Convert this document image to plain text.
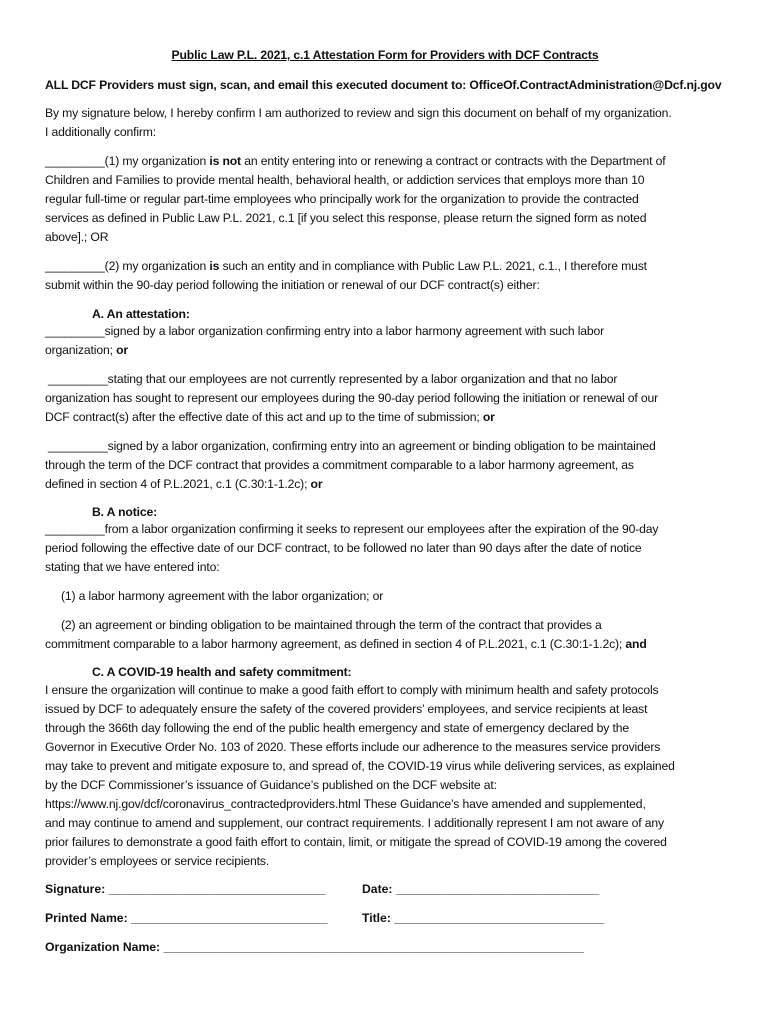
Public Law P.L. 2021, c.1 Attestation Form for Providers with DCF Contracts
ALL DCF Providers must sign, scan, and email this executed document to: OfficeOf.ContractAdministration@Dcf.nj.gov
By my signature below, I hereby confirm I am authorized to review and sign this document on behalf of my organization.
I additionally confirm:
_________(1) my organization is not an entity entering into or renewing a contract or contracts with the Department of
Children and Families to provide mental health, behavioral health, or addiction services that employs more than 10
regular full-time or regular part-time employees who principally work for the organization to provide the contracted
services as defined in Public Law P.L. 2021, c.1 [if you select this response, please return the signed form as noted
above].; OR
_________(2) my organization is such an entity and in compliance with Public Law P.L. 2021, c.1., I therefore must
submit within the 90-day period following the initiation or renewal of our DCF contract(s) either:
A. An attestation:
_________signed by a labor organization confirming entry into a labor harmony agreement with such labor
organization; or
_________stating that our employees are not currently represented by a labor organization and that no labor
organization has sought to represent our employees during the 90-day period following the initiation or renewal of our
DCF contract(s) after the effective date of this act and up to the time of submission; or
_________signed by a labor organization, confirming entry into an agreement or binding obligation to be maintained
through the term of the DCF contract that provides a commitment comparable to a labor harmony agreement, as
defined in section 4 of P.L.2021, c.1 (C.30:1-1.2c); or
B. A notice:
_________from a labor organization confirming it seeks to represent our employees after the expiration of the 90-day
period following the effective date of our DCF contract, to be followed no later than 90 days after the date of notice
stating that we have entered into:
(1) a labor harmony agreement with the labor organization; or
(2) an agreement or binding obligation to be maintained through the term of the contract that provides a
commitment comparable to a labor harmony agreement, as defined in section 4 of P.L.2021, c.1 (C.30:1-1.2c); and
C. A COVID-19 health and safety commitment:
I ensure the organization will continue to make a good faith effort to comply with minimum health and safety protocols
issued by DCF to adequately ensure the safety of the covered providers’ employees, and service recipients at least
through the 366th day following the end of the public health emergency and state of emergency declared by the
Governor in Executive Order No. 103 of 2020. These efforts include our adherence to the measures service providers
may take to prevent and mitigate exposure to, and spread of, the COVID-19 virus while delivering services, as explained
by the DCF Commissioner’s issuance of Guidance’s published on the DCF website at:
https://www.nj.gov/dcf/coronavirus_contractedproviders.html These Guidance’s have amended and supplemented,
and may continue to amend and supplement, our contract requirements. I additionally represent I am not aware of any
prior failures to demonstrate a good faith effort to contain, limit, or mitigate the spread of COVID-19 among the covered
provider’s employees or service recipients.
Signature: ________________________________	Date: ______________________________
Printed Name: _____________________________	Title: _______________________________
Organization Name: ______________________________________________________________
